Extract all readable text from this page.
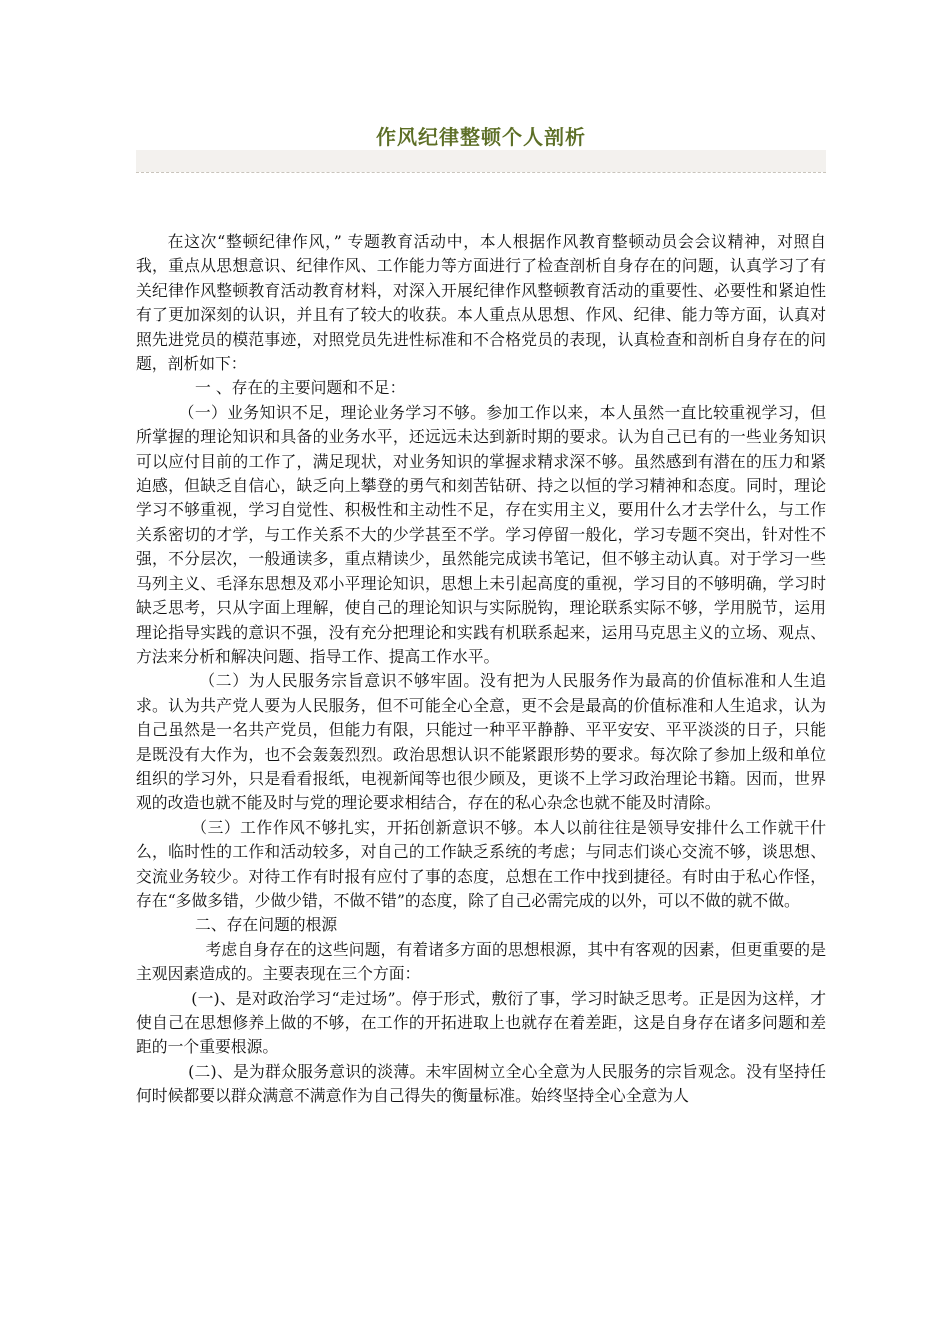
作风纪律整顿个人剖析

在这次“整顿纪律作风，” 专题教育活动中，本人根据作风教育整顿动员会会议精神，对照自我，重点从思想意识、纪律作风、工作能力等方面进行了检查剖析自身存在的问题，认真学习了有关纪律作风整顿教育活动教育材料，对深入开展纪律作风整顿教育活动的重要性、必要性和紧迫性有了更加深刻的认识，并且有了较大的收获。本人重点从思想、作风、纪律、能力等方面，认真对照先进党员的模范事迹，对照党员先进性标准和不合格党员的表现，认真检查和剖析自身存在的问题，剖析如下：

一 、存在的主要问题和不足：

（一）业务知识不足，理论业务学习不够。参加工作以来，本人虽然一直比较重视学习，但所掌握的理论知识和具备的业务水平，还远远未达到新时期的要求。认为自己已有的一些业务知识可以应付目前的工作了，满足现状，对业务知识的掌握求精求深不够。虽然感到有潜在的压力和紧迫感，但缺乏自信心，缺乏向上攀登的勇气和刻苦钻研、持之以恒的学习精神和态度。同时，理论学习不够重视，学习自觉性、积极性和主动性不足，存在实用主义，要用什么才去学什么，与工作关系密切的才学，与工作关系不大的少学甚至不学。学习停留一般化，学习专题不突出，针对性不强，不分层次，一般通读多，重点精读少，虽然能完成读书笔记，但不够主动认真。对于学习一些马列主义、毛泽东思想及邓小平理论知识，思想上未引起高度的重视，学习目的不够明确，学习时缺乏思考，只从字面上理解，使自己的理论知识与实际脱钩，理论联系实际不够，学用脱节，运用理论指导实践的意识不强，没有充分把理论和实践有机联系起来，运用马克思主义的立场、观点、方法来分析和解决问题、指导工作、提高工作水平。

（二）为人民服务宗旨意识不够牢固。没有把为人民服务作为最高的价值标准和人生追求。认为共产党人要为人民服务，但不可能全心全意，更不会是最高的价值标准和人生追求，认为自己虽然是一名共产党员，但能力有限，只能过一种平平静静、平平安安、平平淡淡的日子，只能是既没有大作为，也不会轰轰烈烈。政治思想认识不能紧跟形势的要求。每次除了参加上级和单位组织的学习外，只是看看报纸，电视新闻等也很少顾及，更谈不上学习政治理论书籍。因而，世界观的改造也就不能及时与党的理论要求相结合，存在的私心杂念也就不能及时清除。

（三）工作作风不够扎实，开拓创新意识不够。本人以前往往是领导安排什么工作就干什么，临时性的工作和活动较多，对自己的工作缺乏系统的考虑；与同志们谈心交流不够，谈思想、交流业务较少。对待工作有时报有应付了事的态度，总想在工作中找到捷径。有时由于私心作怪，存在“多做多错，少做少错，不做不错”的态度，除了自己必需完成的以外，可以不做的就不做。

二、存在问题的根源

考虑自身存在的这些问题，有着诸多方面的思想根源，其中有客观的因素，但更重要的是主观因素造成的。主要表现在三个方面：

(一)、是对政治学习“走过场”。停于形式，敷衍了事，学习时缺乏思考。正是因为这样，才使自己在思想修养上做的不够，在工作的开拓进取上也就存在着差距，这是自身存在诸多问题和差距的一个重要根源。

(二)、是为群众服务意识的淡薄。未牢固树立全心全意为人民服务的宗旨观念。没有坚持任何时候都要以群众满意不满意作为自己得失的衡量标准。始终坚持全心全意为人
